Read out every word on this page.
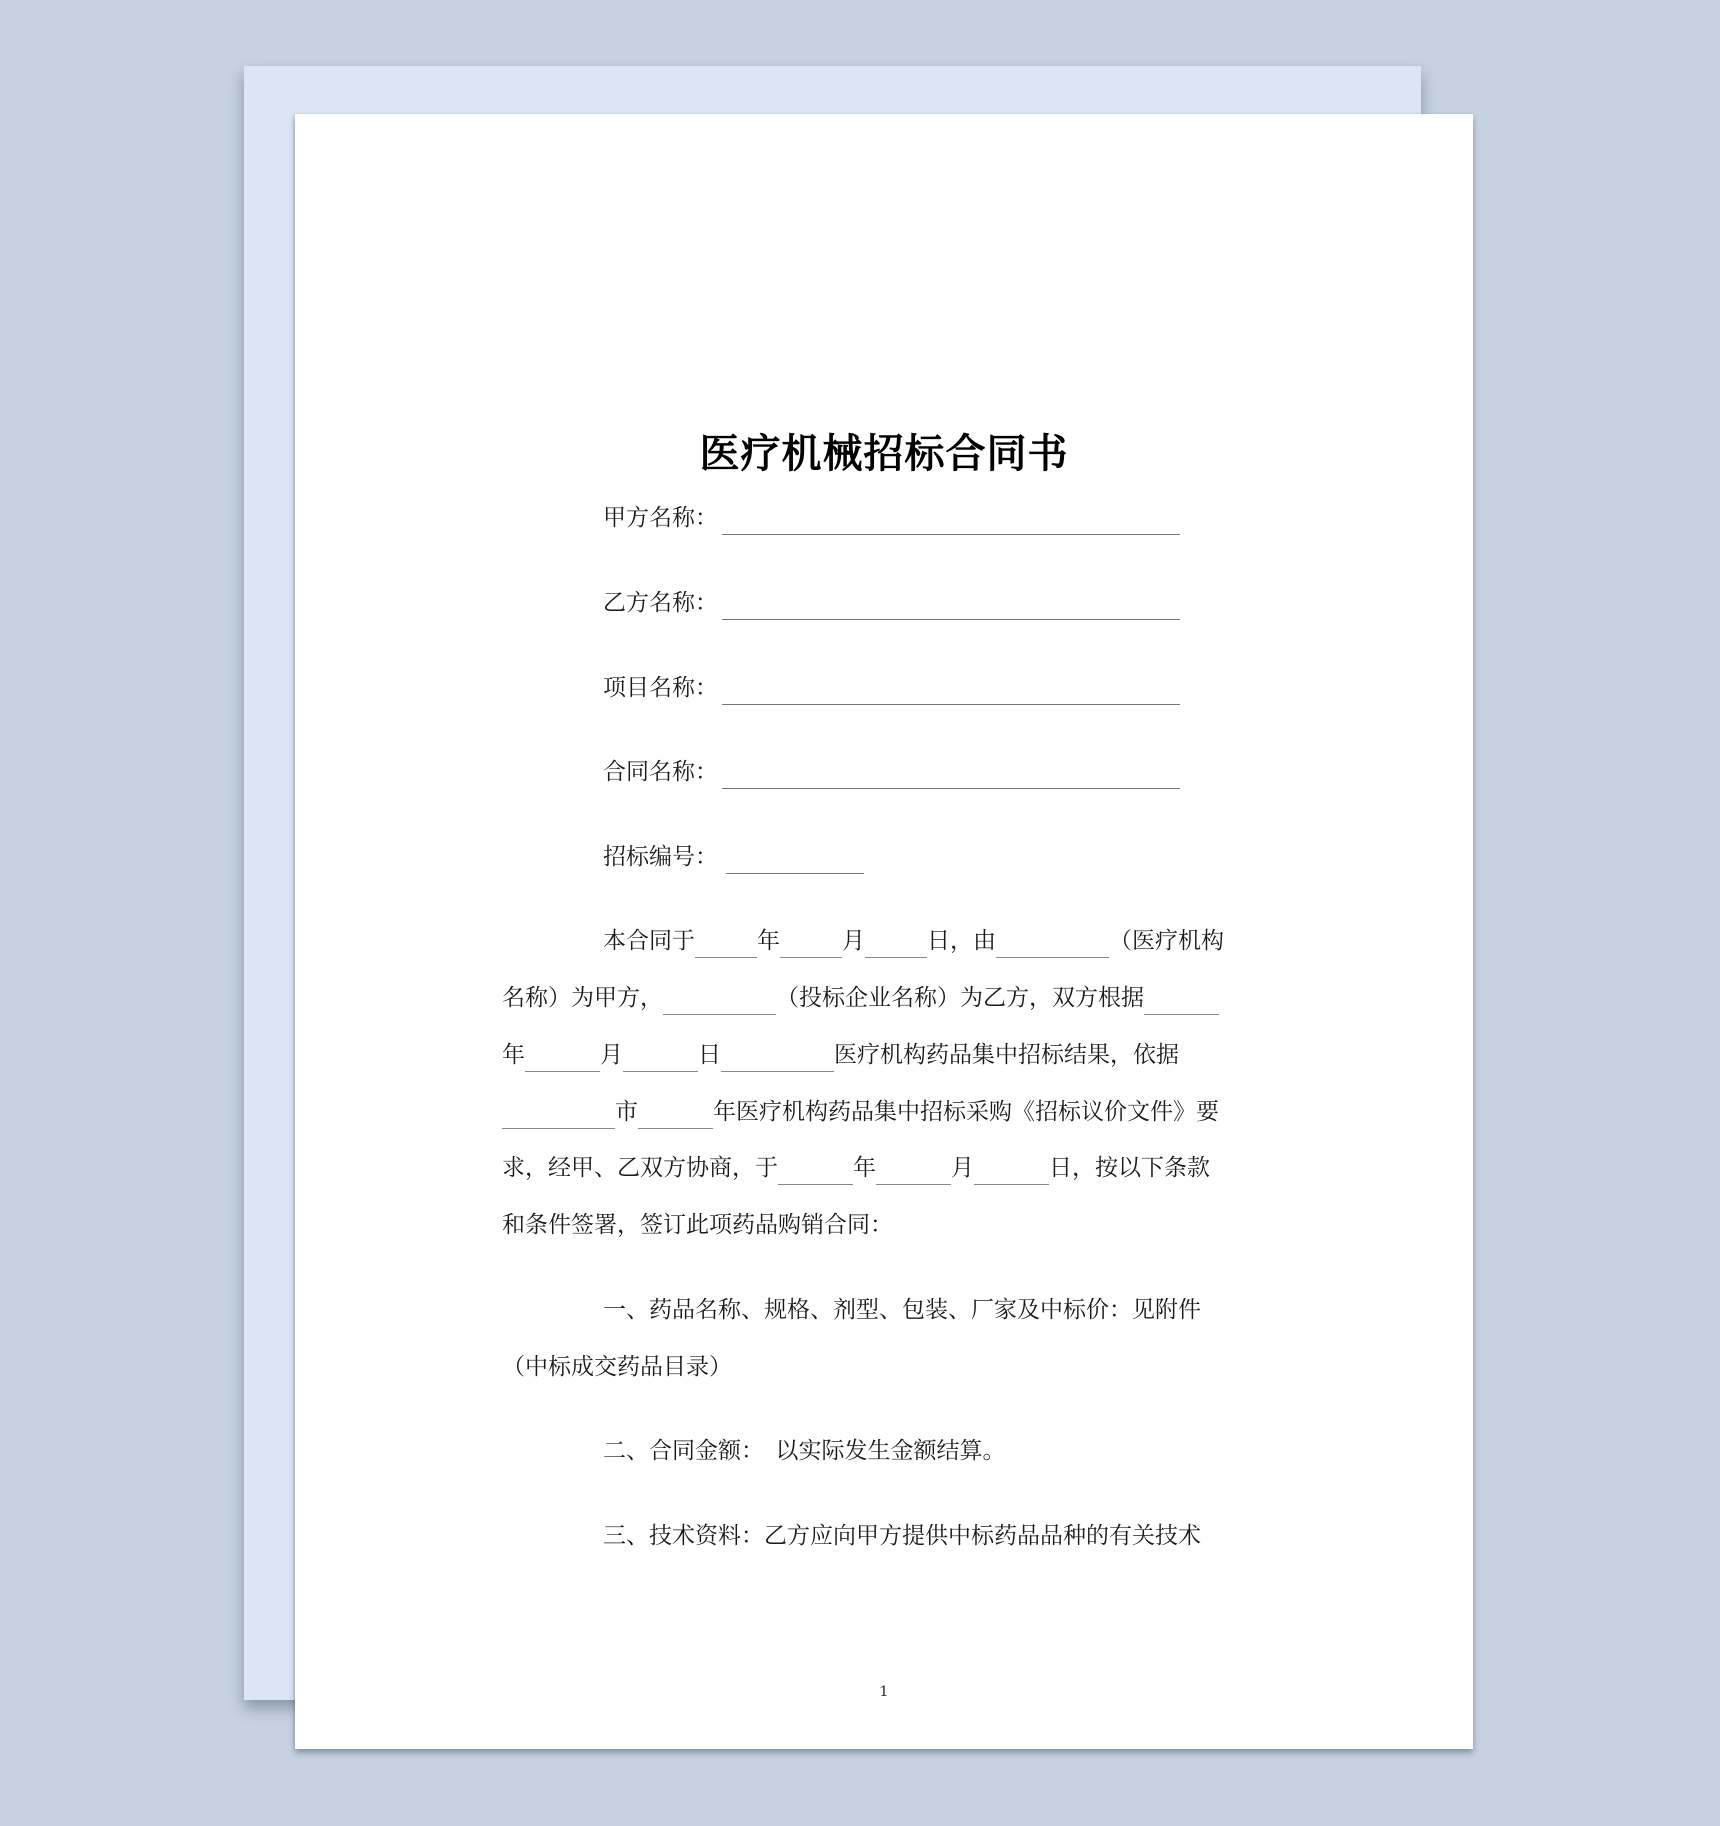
医疗机械招标合同书
甲方名称：
乙方名称：
项目名称：
合同名称：
招标编号：
本合同于	年	月	日，由	（医疗机构
名称）为甲方，	（投标企业名称）为乙方，双方根据
年	月	日	医疗机构药品集中招标结果，依据
市	年医疗机构药品集中招标采购《招标议价文件》要
求，经甲、乙双方协商，于	年	月	日，按以下条款
和条件签署，签订此项药品购销合同：
一、药品名称、规格、剂型、包装、厂家及中标价：见附件
（中标成交药品目录）
二、合同金额：　以实际发生金额结算。
三、技术资料：乙方应向甲方提供中标药品品种的有关技术
1
